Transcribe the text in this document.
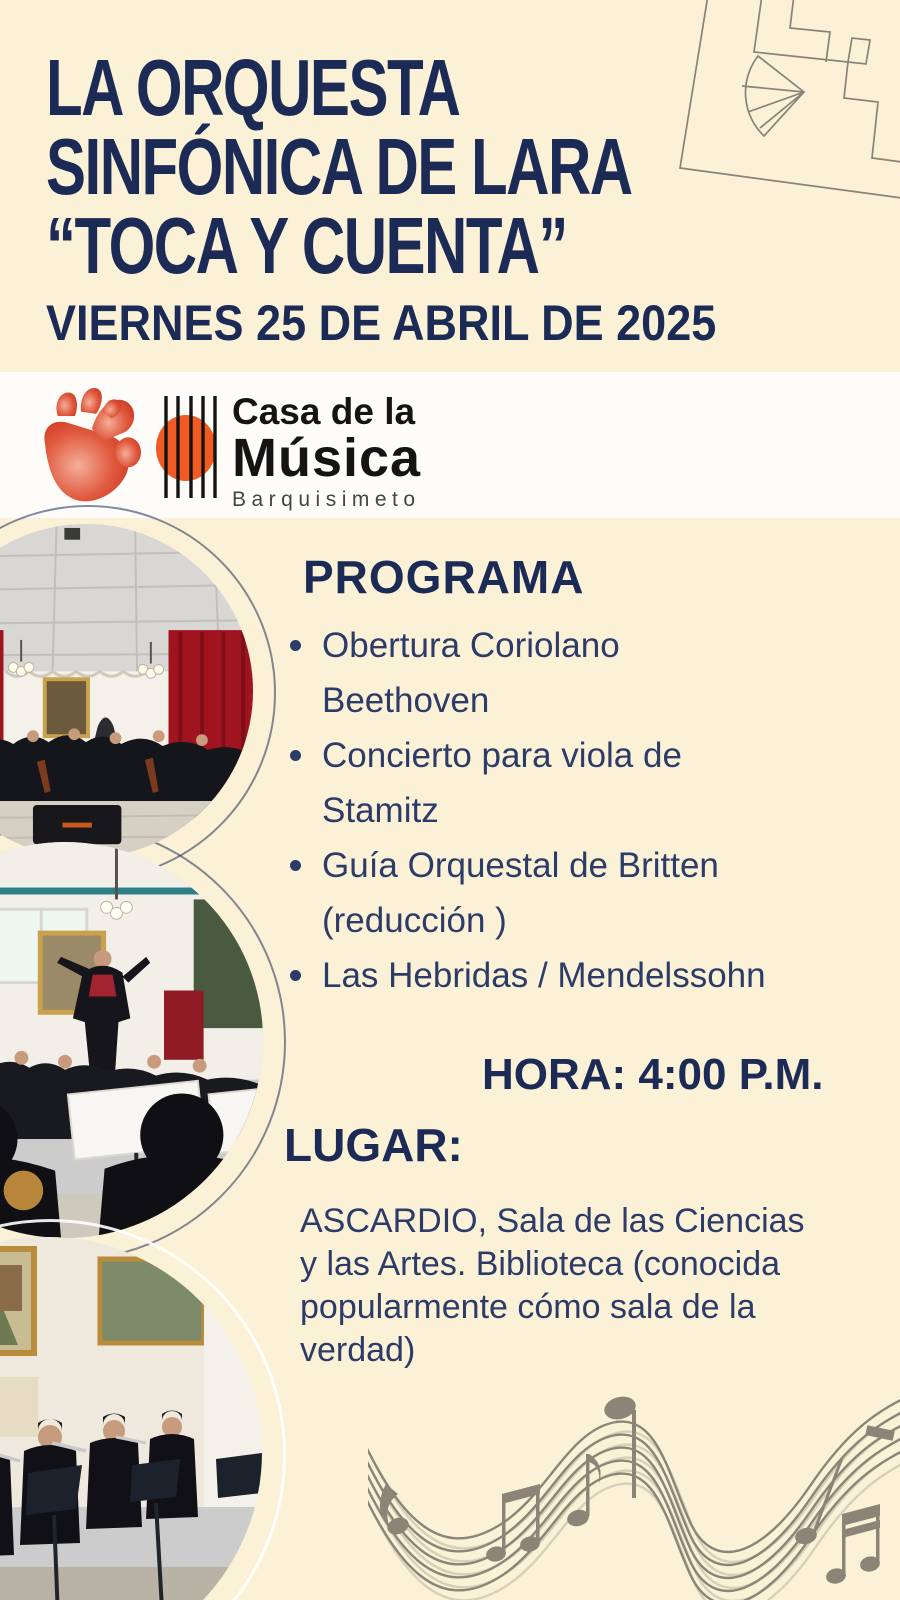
LA ORQUESTA
SINFÓNICA DE LARA
“TOCA Y CUENTA”
VIERNES 25 DE ABRIL DE 2025
Casa de la
Música
Barquisimeto
PROGRAMA
Obertura Coriolano
Beethoven
Concierto para viola de
Stamitz
Guía Orquestal de Britten
(reducción )
Las Hebridas / Mendelssohn
HORA: 4:00 P.M.
LUGAR:
ASCARDIO, Sala de las Ciencias
y las Artes. Biblioteca (conocida
popularmente cómo sala de la
verdad)
